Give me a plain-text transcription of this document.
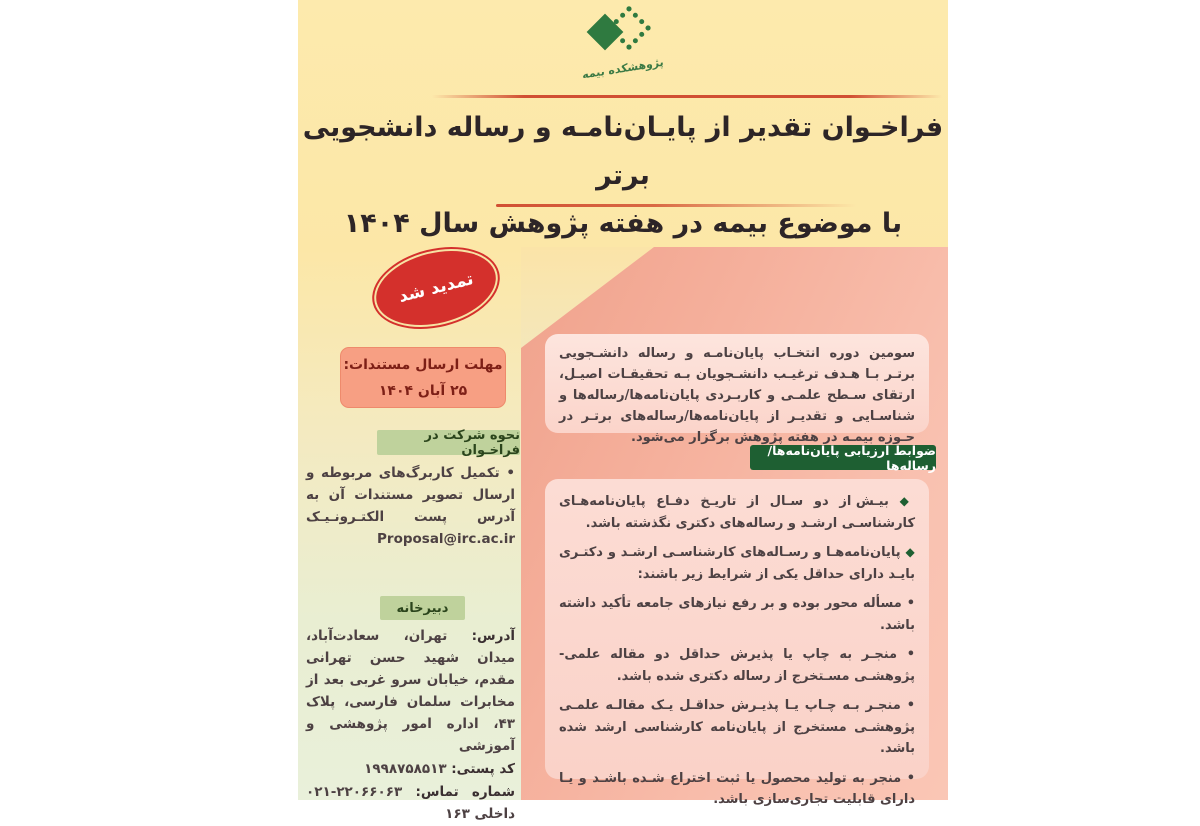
پژوهشکده بیمه
فراخـوان تقدیر از پایـان‌نامـه و رساله دانشجویی برتر
با موضوع بیمه در هفته پژوهش سال ۱۴۰۴
تمدید شد
مهلت ارسال مستندات:
۲۵ آبان ۱۴۰۴
نحوه شرکت در فراخـوان
• تکمیل کاربرگ‌های مربوطه و ارسال تصویر مستندات آن به آدرس پست الکتـرونـیـک Proposal@irc.ac.ir
دبیرخانه

آدرس: تهران، سعادت‌آباد، میدان شهید حسن تهرانی مقدم، خیابان سرو غربی بعد از مخابرات سلمان فارسی، پلاک ۴۳، اداره امور پژوهشی و آموزشی

کد پستی: ۱۹۹۸۷۵۸۵۱۳

شماره تماس: ۰۲۱-۲۲۰۶۶۰۶۳ داخلی ۱۶۳

سومین دوره انتخـاب پایان‌نامـه و رساله دانشـجویی برتـر بـا هـدف ترغیـب دانشـجویان بـه تحقیقـات اصیـل، ارتقای سـطح علمـی و کاربـردی پایان‌نامه‌ها/رساله‌ها و شناسـایی و تقدیـر از پایان‌نامه‌ها/رساله‌های برتـر در حـوزه بیمـه در هفته پژوهش برگزار می‌شود.

ضوابط ارزیابی پایان‌نامه‌ها/رساله‌ها

◆ بیـش از دو سـال از تاریـخ دفـاع پایان‌نامه‌هـای کارشناسـی ارشـد و رساله‌های دکتری نگذشته باشد.

◆ پایان‌نامه‌هـا و رسـاله‌های کارشناسـی ارشـد و دکتـری بایـد دارای حداقل یکی از شرایط زیر باشند:

• مسأله محور بوده و بر رفع نیازهای جامعه تأکید داشته باشد.

• منجـر به چاپ یا پذیرش حداقل دو مقاله علمی-پژوهشـی مسـتخرج از رساله دکتری شده باشد.

• منجـر بـه چـاپ یـا پذیـرش حداقـل یـک مقالـه علمـی پژوهشـی مستخرج از پایان‌نامه کارشناسی ارشد شده باشد.

• منجر به تولید محصول یا ثبت اختراع شـده باشـد و یـا دارای قابلیت تجاری‌سازی باشد.
